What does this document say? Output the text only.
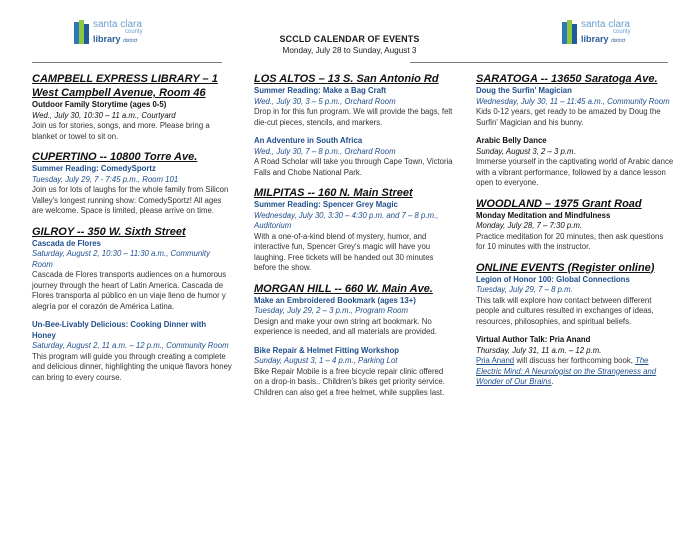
santa clara
county
library district
santa clara
county
library district
SCCLD CALENDAR OF EVENTS
Monday, July 28 to Sunday, August 3
CAMPBELL EXPRESS LIBRARY – 1 West Campbell Avenue, Room 46
Outdoor Family Storytime (ages 0-5)
Wed., July 30, 10:30 – 11 a.m., Courtyard
Join us for stories, songs, and more. Please bring a blanket or towel to sit on.
CUPERTINO -- 10800 Torre Ave.
Summer Reading: ComedySportz
Tuesday, July 29, 7 - 7:45 p.m., Room 101
Join us for lots of laughs for the whole family from Silicon Valley's longest running show: ComedySportz! All ages are welcome. Space is limited, please arrive on time.
GILROY -- 350 W. Sixth Street
Cascada de Flores
Saturday, August 2, 10:30 – 11:30 a.m., Community Room
Cascada de Flores transports audiences on a humorous journey through the heart of Latin America. Cascada de Flores transporta al público en un viaje lleno de humor y alegría por el corazón de América Latina.
Un-Bee-Livably Delicious: Cooking Dinner with Honey
Saturday, August 2, 11 a.m. – 12 p.m., Community Room
This program will guide you through creating a complete and delicious dinner, highlighting the unique flavors honey can bring to every course.
LOS ALTOS – 13 S. San Antonio Rd
Summer Reading: Make a Bag Craft
Wed., July 30, 3 – 5 p.m., Orchard Room
Drop in for this fun program. We will provide the bags, felt die-cut pieces, stencils, and markers.
An Adventure in South Africa
Wed., July 30, 7 – 8 p.m., Orchard Room
A Road Scholar will take you through Cape Town, Victoria Falls and Chobe National Park.
MILPITAS -- 160 N. Main Street
Summer Reading: Spencer Grey Magic
Wednesday, July 30, 3:30 – 4:30 p.m. and 7 – 8 p.m., Auditorium
With a one-of-a-kind blend of mystery, humor, and interactive fun, Spencer Grey's magic will have you laughing. Free tickets will be handed out 30 minutes before the show.
MORGAN HILL -- 660 W. Main Ave.
Make an Embroidered Bookmark (ages 13+)
Tuesday, July 29, 2 – 3 p.m., Program Room
Design and make your own string art bookmark. No experience is needed, and all materials are provided.
Bike Repair & Helmet Fitting Workshop
Sunday, August 3, 1 – 4 p.m., Parking Lot
Bike Repair Mobile is a free bicycle repair clinic offered on a drop-in basis.. Children's bikes get priority service. Children can also get a free helmet, while supplies last.
SARATOGA -- 13650 Saratoga Ave.
Doug the Surfin' Magician
Wednesday, July 30, 11 – 11:45 a.m., Community Room
Kids 0-12 years, get ready to be amazed by Doug the Surfin' Magician and his bunny.
Arabic Belly Dance
Sunday, August 3, 2 – 3 p.m.
Immerse yourself in the captivating world of Arabic dance with a vibrant performance, followed by a dance lesson open to everyone.
WOODLAND – 1975 Grant Road
Monday Meditation and Mindfulness
Monday, July 28, 7 – 7:30 p.m.
Practice meditation for 20 minutes, then ask questions for 10 minutes with the instructor.
ONLINE EVENTS (Register online)
Legion of Honor 100: Global Connections
Tuesday, July 29, 7 – 8 p.m.
This talk will explore how contact between different people and cultures resulted in exchanges of ideas, resources, philosophies, and spiritual beliefs.
Virtual Author Talk: Pria Anand
Thursday, July 31, 11 a.m. – 12 p.m.
Pria Anand will discuss her forthcoming book, The Electric Mind: A Neurologist on the Strangeness and Wonder of Our Brains.
